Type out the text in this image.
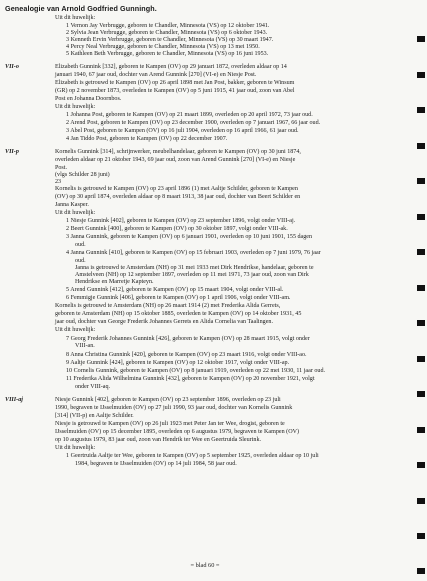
Genealogie van Arnold Godfried Gunningh.
VII-o
VII-p
VIII-aj
Uit dit huwelijk:
1 Vernon Jay Verbrugge, geboren te Chandler, Minnesota (VS) op 12 oktober 1941.
2 Sylvia Jean Verbrugge, geboren te Chandler, Minnesota (VS) op 6 oktober 1943.
3 Kenneth Ervin Verbrugge, geboren te Chandler, Minnesota (VS) op 30 maart 1947.
4 Percy Neal Verbrugge, geboren te Chandler, Minnesota (VS) op 13 mei 1950.
5 Kathleen Beth Verbrugge, geboren te Chandler, Minnesota (VS) op 16 juni 1953.
Elizabeth Gunnink [332], geboren te Kampen (OV) op 29 januari 1872, overleden aldaar op 14
januari 1940, 67 jaar oud, dochter van Arend Gunnink [270] (VI-e) en Niesje Post.
Elizabeth is getrouwd te Kampen (OV) op 26 april 1898 met Jan Post, bakker, geboren te Winsum
(GR) op 2 november 1873, overleden te Kampen (OV) op 5 juni 1915, 41 jaar oud, zoon van Abel
Post en Johanna Doornbos.
Uit dit huwelijk:
1 Johanna Post, geboren te Kampen (OV) op 21 maart 1899, overleden op 20 april 1972, 73 jaar oud.
2 Arend Post, geboren te Kampen (OV) op 23 december 1900, overleden op 7 januari 1967, 66 jaar oud.
3 Abel Post, geboren te Kampen (OV) op 16 juli 1904, overleden op 16 april 1966, 61 jaar oud.
4 Jan Tiddo Post, geboren te Kampen (OV) op 22 december 1907.
Kornelis Gunnink [314], schrijnwerker, meubelhandelaar, geboren te Kampen (OV) op 30 juni 1874,
overleden aldaar op 21 oktober 1943, 69 jaar oud, zoon van Arend Gunnink [270] (VI-e) en Niesje
Post.
(vlgs Schilder 28 juni)
23
Kornelis is getrouwd te Kampen (OV) op 23 april 1896 (1) met Aaltje Schilder, geboren te Kampen
(OV) op 30 april 1874, overleden aldaar op 8 maart 1913, 38 jaar oud, dochter van Beert Schilder en
Janna Kasper.
Uit dit huwelijk:
1 Niesje Gunnink [402], geboren te Kampen (OV) op 23 september 1896, volgt onder VIII-aj.
2 Beert Gunnink [400], geboren te Kampen (OV) op 30 oktober 1897, volgt onder VIII-ak.
3 Janna Gunnink, geboren te Kampen (OV) op 6 januari 1901, overleden op 10 juni 1901, 155 dagen
oud.
4 Janna Gunnink [410], geboren te Kampen (OV) op 15 februari 1903, overleden op 7 juni 1979, 76 jaar
oud.
Janna is getrouwd te Amsterdam (NH) op 31 mei 1933 met Dirk Hendrikse, handelaar, geboren te
Amstelveen (NH) op 12 september 1897, overleden op 11 mei 1971, 73 jaar oud, zoon van Dirk
Hendrikse en Marretje Kapteyn.
5 Arend Gunnink [412], geboren te Kampen (OV) op 15 maart 1904, volgt onder VIII-al.
6 Femmigje Gunnink [406], geboren te Kampen (OV) op 1 april 1906, volgt onder VIII-am.
Kornelis is getrouwd te Amsterdam (NH) op 26 maart 1914 (2) met Frederika Alida Gerrets,
geboren te Amsterdam (NH) op 15 oktober 1885, overleden te Kampen (OV) op 14 oktober 1931, 45
jaar oud, dochter van George Frederik Johannes Gerrets en Alida Cornelia van Taalingen.
Uit dit huwelijk:
7 Georg Frederik Johannes Gunnink [426], geboren te Kampen (OV) op 28 maart 1915, volgt onder
VIII-an.
8 Anna Christina Gunnink [420], geboren te Kampen (OV) op 23 maart 1916, volgt onder VIII-ao.
9 Aaltje Gunnink [424], geboren te Kampen (OV) op 12 oktober 1917, volgt onder VIII-ap.
10 Cornelis Gunnink, geboren te Kampen (OV) op 8 januari 1919, overleden op 22 mei 1930, 11 jaar oud.
11 Frederika Alida Wilhelmina Gunnink [432], geboren te Kampen (OV) op 20 november 1921, volgt
onder VIII-aq.
Niesje Gunnink [402], geboren te Kampen (OV) op 23 september 1896, overleden op 23 juli
1990, begraven te IJsselmuiden (OV) op 27 juli 1990, 93 jaar oud, dochter van Kornelis Gunnink
[314] (VII-p) en Aaltje Schilder.
Niesje is getrouwd te Kampen (OV) op 26 juli 1923 met Peter Jan ter Wee, drogist, geboren te
IJsselmuiden (OV) op 15 december 1895, overleden op 6 augustus 1979, begraven te Kampen (OV)
op 10 augustus 1979, 83 jaar oud, zoon van Hendrik ter Wee en Geertruida Sleurink.
Uit dit huwelijk:
1 Geertruida Aaltje ter Wee, geboren te Kampen (OV) op 5 september 1925, overleden aldaar op 10 juli
1984, begraven te IJsselmuiden (OV) op 14 juli 1984, 58 jaar oud.
= blad 60 =
